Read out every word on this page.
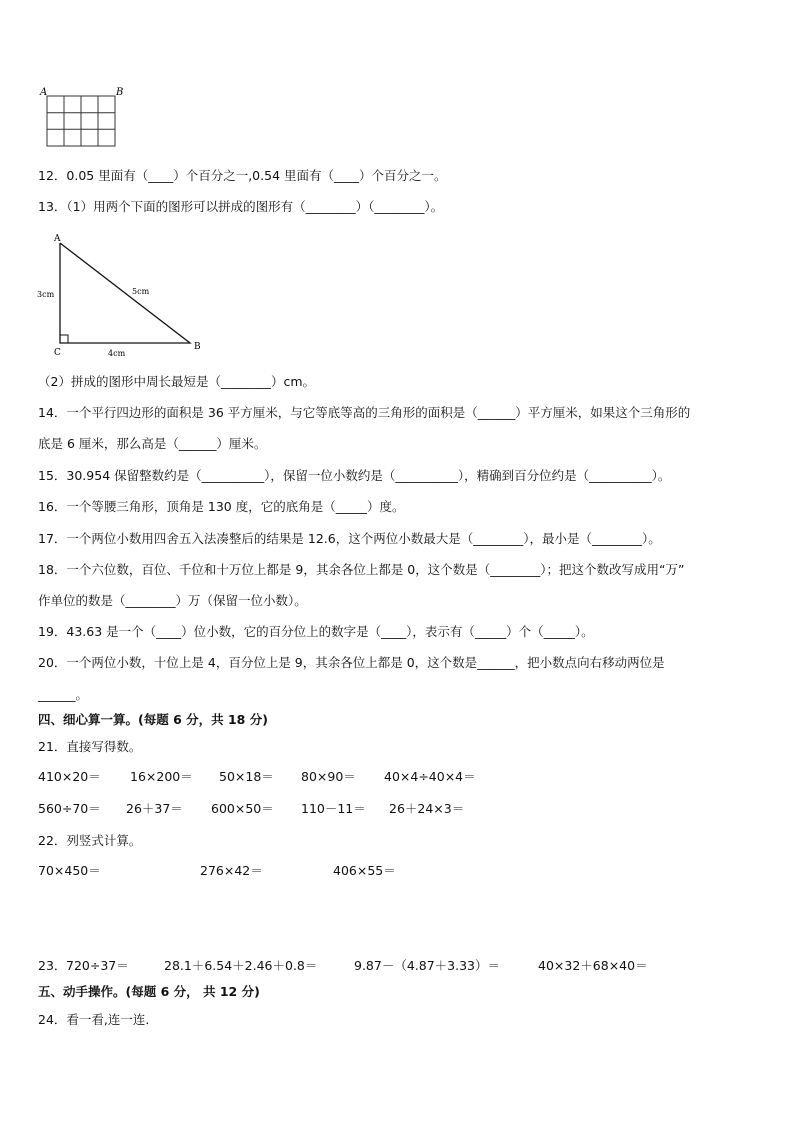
A	B
12．0.05 里面有（____）个百分之一,0.54 里面有（____）个百分之一。
13．（1）用两个下面的图形可以拼成的图形有（________）（________）。
A
B
C
3cm	5cm
4cm
（2）拼成的图形中周长最短是（________）cm。
14．一个平行四边形的面积是 36 平方厘米，与它等底等高的三角形的面积是（______）平方厘米，如果这个三角形的
底是 6 厘米，那么高是（______）厘米。
15．30.954 保留整数约是（__________），保留一位小数约是（__________），精确到百分位约是（__________）。
16．一个等腰三角形，顶角是 130 度，它的底角是（_____）度。
17．一个两位小数用四舍五入法凑整后的结果是 12.6，这个两位小数最大是（________），最小是（________）。
18．一个六位数，百位、千位和十万位上都是 9，其余各位上都是 0，这个数是（________）；把这个数改写成用“万”
作单位的数是（________）万（保留一位小数）。
19．43.63 是一个（____）位小数，它的百分位上的数字是（____），表示有（_____）个（_____）。
20．一个两位小数，十位上是 4，百分位上是 9，其余各位上都是 0，这个数是______，把小数点向右移动两位是
______。
四、细心算一算。(每题 6 分，共 18 分)
21．直接写得数。
410×20＝ 16×200＝ 50×18＝ 80×90＝ 40×4÷40×4＝
560÷70＝ 26＋37＝ 600×50＝ 110－11＝ 26＋24×3＝
22．列竖式计算。
70×450＝	276×42＝	406×55＝
23． 720÷37＝	28.1＋6.54＋2.46＋0.8＝	9.87－（4.87＋3.33）＝	40×32＋68×40＝
五、动手操作。(每题 6 分， 共 12 分)
24．看一看,连一连.
